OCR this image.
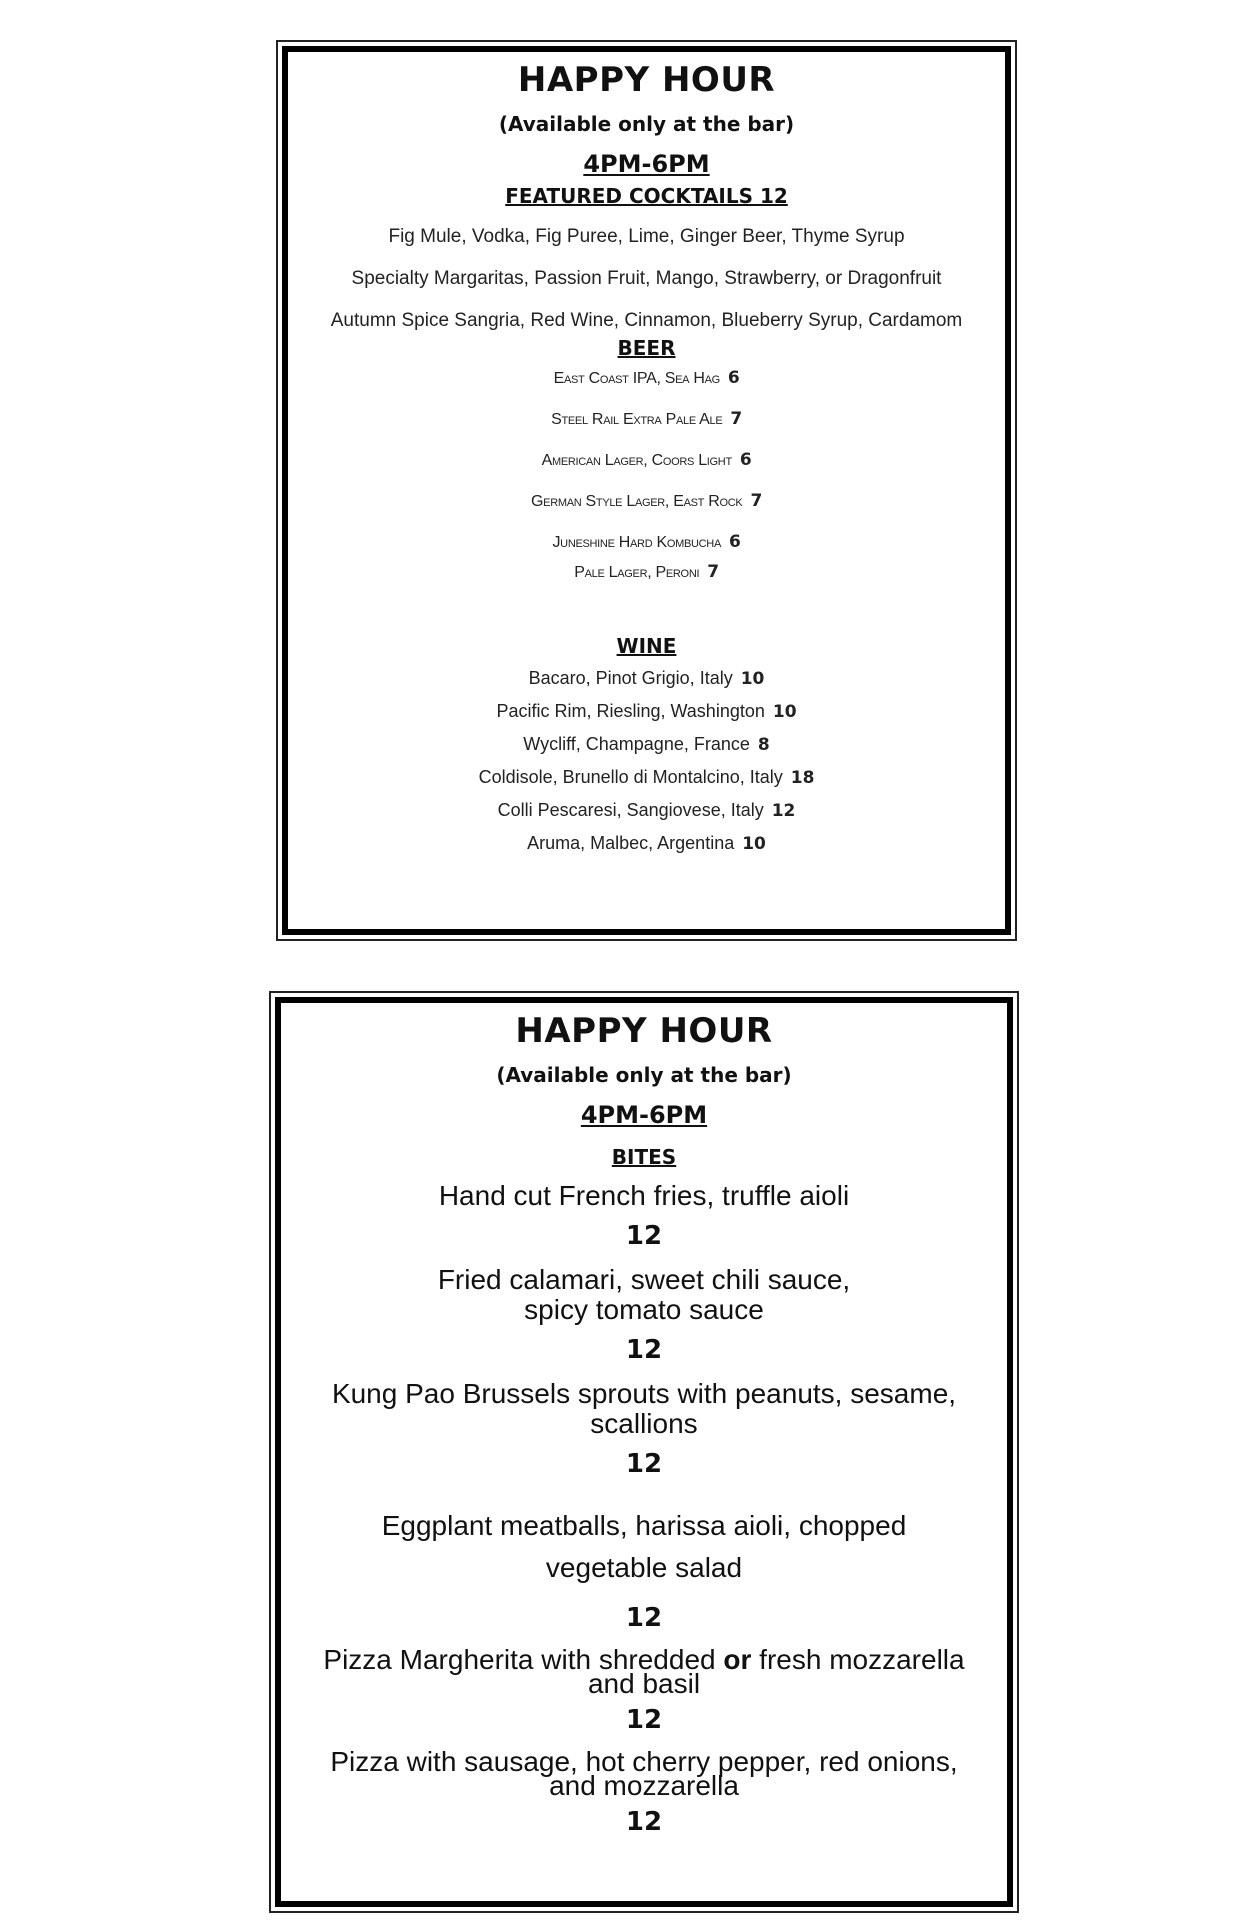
HAPPY HOUR
(Available only at the bar)
4PM-6PM
FEATURED COCKTAILS 12
Fig Mule, Vodka, Fig Puree, Lime, Ginger Beer, Thyme Syrup
Specialty Margaritas, Passion Fruit, Mango, Strawberry, or Dragonfruit
Autumn Spice Sangria, Red Wine, Cinnamon, Blueberry Syrup, Cardamom
BEER
East Coast IPA, Sea Hag 6
Steel Rail Extra Pale Ale 7
American Lager, Coors Light 6
German Style Lager, East Rock 7
Juneshine Hard Kombucha 6
Pale Lager, Peroni 7
WINE
Bacaro, Pinot Grigio, Italy 10
Pacific Rim, Riesling, Washington 10
Wycliff, Champagne, France 8
Coldisole, Brunello di Montalcino, Italy 18
Colli Pescaresi, Sangiovese, Italy 12
Aruma, Malbec, Argentina 10
HAPPY HOUR
(Available only at the bar)
4PM-6PM
BITES
Hand cut French fries, truffle aioli
12
Fried calamari, sweet chili sauce,
spicy tomato sauce
12
Kung Pao Brussels sprouts with peanuts, sesame,
scallions
12
Eggplant meatballs, harissa aioli, chopped
vegetable salad
12
Pizza Margherita with shredded or fresh mozzarella
and basil
12
Pizza with sausage, hot cherry pepper, red onions,
and mozzarella
12
